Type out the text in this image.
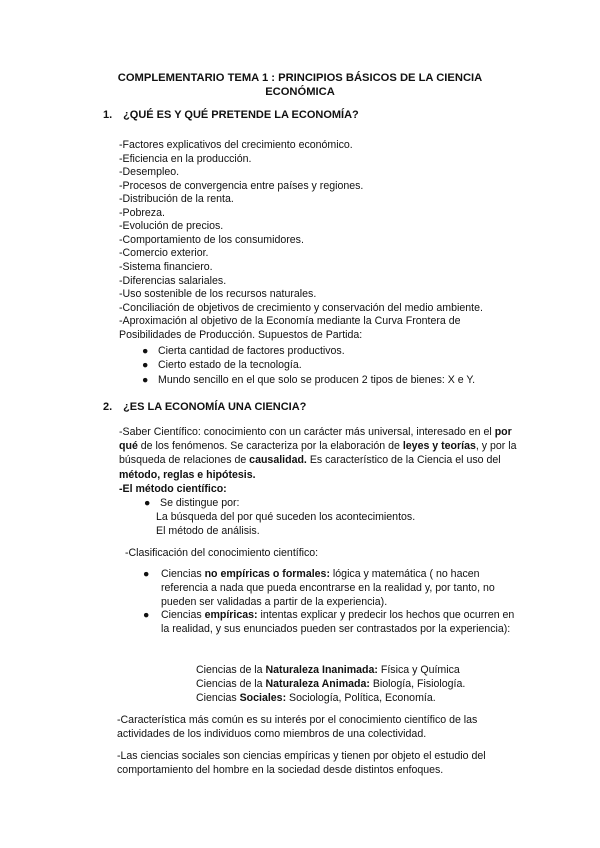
COMPLEMENTARIO TEMA 1 : PRINCIPIOS BÁSICOS DE LA CIENCIA
ECONÓMICA
1. ¿QUÉ ES Y QUÉ PRETENDE LA ECONOMÍA?
-Factores explicativos del crecimiento económico.
-Eficiencia en la producción.
-Desempleo.
-Procesos de convergencia entre países y regiones.
-Distribución de la renta.
-Pobreza.
-Evolución de precios.
-Comportamiento de los consumidores.
-Comercio exterior.
-Sistema financiero.
-Diferencias salariales.
-Uso sostenible de los recursos naturales.
-Conciliación de objetivos de crecimiento y conservación del medio ambiente.
-Aproximación al objetivo de la Economía mediante la Curva Frontera de
Posibilidades de Producción. Supuestos de Partida:
● Cierta cantidad de factores productivos.
● Cierto estado de la tecnología.
● Mundo sencillo en el que solo se producen 2 tipos de bienes: X e Y.
2. ¿ES LA ECONOMÍA UNA CIENCIA?
-Saber Científico: conocimiento con un carácter más universal, interesado en el por qué de los fenómenos. Se caracteriza por la elaboración de leyes y teorías, y por la búsqueda de relaciones de causalidad. Es característico de la Ciencia el uso del método, reglas e hipótesis.
-El método científico:
● Se distingue por:
La búsqueda del por qué suceden los acontecimientos.
El método de análisis.
-Clasificación del conocimiento científico:
● Ciencias no empíricas o formales: lógica y matemática ( no hacen referencia a nada que pueda encontrarse en la realidad y, por tanto, no pueden ser validadas a partir de la experiencia).
● Ciencias empíricas: intentas explicar y predecir los hechos que ocurren en la realidad, y sus enunciados pueden ser contrastados por la experiencia):
Ciencias de la Naturaleza Inanimada: Física y Química
Ciencias de la Naturaleza Animada: Biología, Fisiología.
Ciencias Sociales: Sociología, Política, Economía.
-Característica más común es su interés por el conocimiento científico de las actividades de los individuos como miembros de una colectividad.
-Las ciencias sociales son ciencias empíricas y tienen por objeto el estudio del comportamiento del hombre en la sociedad desde distintos enfoques.
